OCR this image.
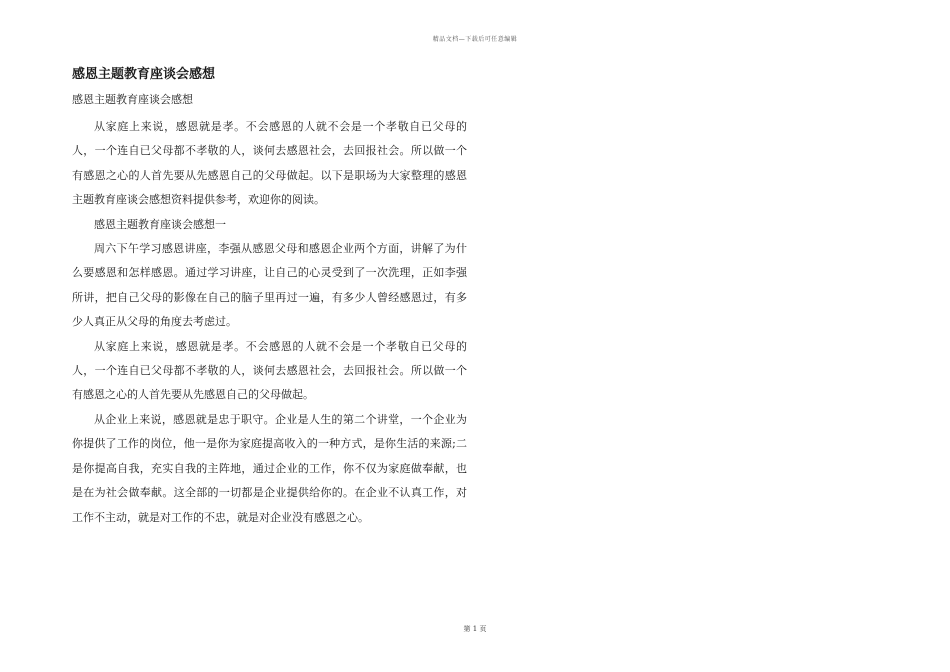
精品文档—下载后可任意编辑
感恩主题教育座谈会感想
感恩主题教育座谈会感想

从家庭上来说，感恩就是孝。不会感恩的人就不会是一个孝敬自已父母的人，一个连自已父母都不孝敬的人，谈何去感恩社会，去回报社会。所以做一个有感恩之心的人首先要从先感恩自己的父母做起。以下是职场为大家整理的感恩主题教育座谈会感想资料提供参考，欢迎你的阅读。

感恩主题教育座谈会感想一

周六下午学习感恩讲座，李强从感恩父母和感恩企业两个方面，讲解了为什么要感恩和怎样感恩。通过学习讲座，让自己的心灵受到了一次洗理，正如李强所讲，把自己父母的影像在自己的脑子里再过一遍，有多少人曾经感恩过，有多少人真正从父母的角度去考虑过。

从家庭上来说，感恩就是孝。不会感恩的人就不会是一个孝敬自已父母的人，一个连自已父母都不孝敬的人，谈何去感恩社会，去回报社会。所以做一个有感恩之心的人首先要从先感恩自己的父母做起。

从企业上来说，感恩就是忠于职守。企业是人生的第二个讲堂，一个企业为你提供了工作的岗位，他一是你为家庭提高收入的一种方式，是你生活的来源;二是你提高自我，充实自我的主阵地，通过企业的工作，你不仅为家庭做奉献，也是在为社会做奉献。这全部的一切都是企业提供给你的。在企业不认真工作，对工作不主动，就是对工作的不忠，就是对企业没有感恩之心。

第 1 页
